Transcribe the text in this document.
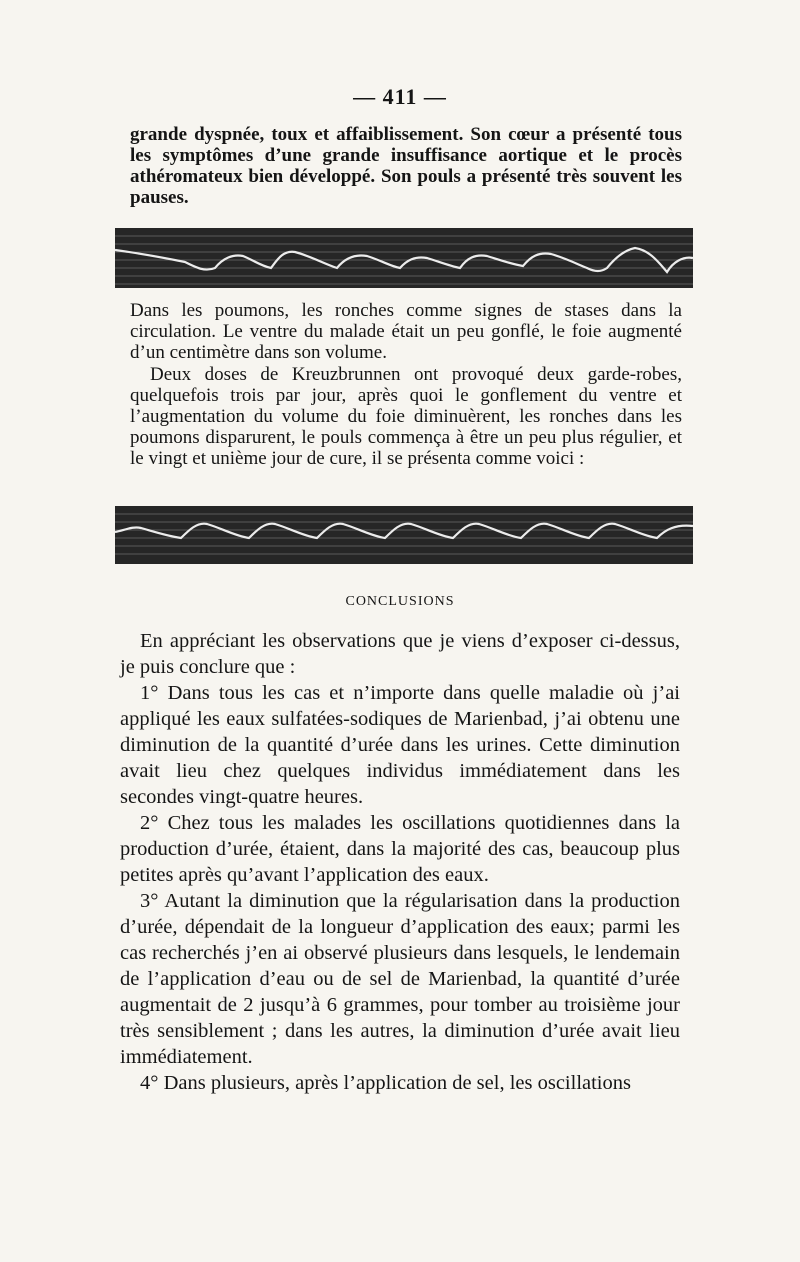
— 411 —

grande dyspnée, toux et affaiblissement. Son cœur a présenté tous les symptômes d’une grande insuffisance aortique et le procès athéromateux bien développé. Son pouls a présenté très souvent les pauses.

Dans les poumons, les ronches comme signes de stases dans la circulation. Le ventre du malade était un peu gonflé, le foie augmenté d’un centimètre dans son volume.

Deux doses de Kreuzbrunnen ont provoqué deux garde-robes, quelquefois trois par jour, après quoi le gonflement du ventre et l’augmentation du volume du foie diminuèrent, les ronches dans les poumons disparurent, le pouls commença à être un peu plus régulier, et le vingt et unième jour de cure, il se présenta comme voici :

CONCLUSIONS

En appréciant les observations que je viens d’exposer ci-dessus, je puis conclure que :

1° Dans tous les cas et n’importe dans quelle maladie où j’ai appliqué les eaux sulfatées-sodiques de Marienbad, j’ai obtenu une diminution de la quantité d’urée dans les urines. Cette diminution avait lieu chez quelques individus immédiatement dans les secondes vingt-quatre heures.

2° Chez tous les malades les oscillations quotidiennes dans la production d’urée, étaient, dans la majorité des cas, beaucoup plus petites après qu’avant l’application des eaux.

3° Autant la diminution que la régularisation dans la production d’urée, dépendait de la longueur d’application des eaux; parmi les cas recherchés j’en ai observé plusieurs dans lesquels, le lendemain de l’application d’eau ou de sel de Marienbad, la quantité d’urée augmentait de 2 jusqu’à 6 grammes, pour tomber au troisième jour très sensiblement ; dans les autres, la diminution d’urée avait lieu immédiatement.

4° Dans plusieurs, après l’application de sel, les oscillations
